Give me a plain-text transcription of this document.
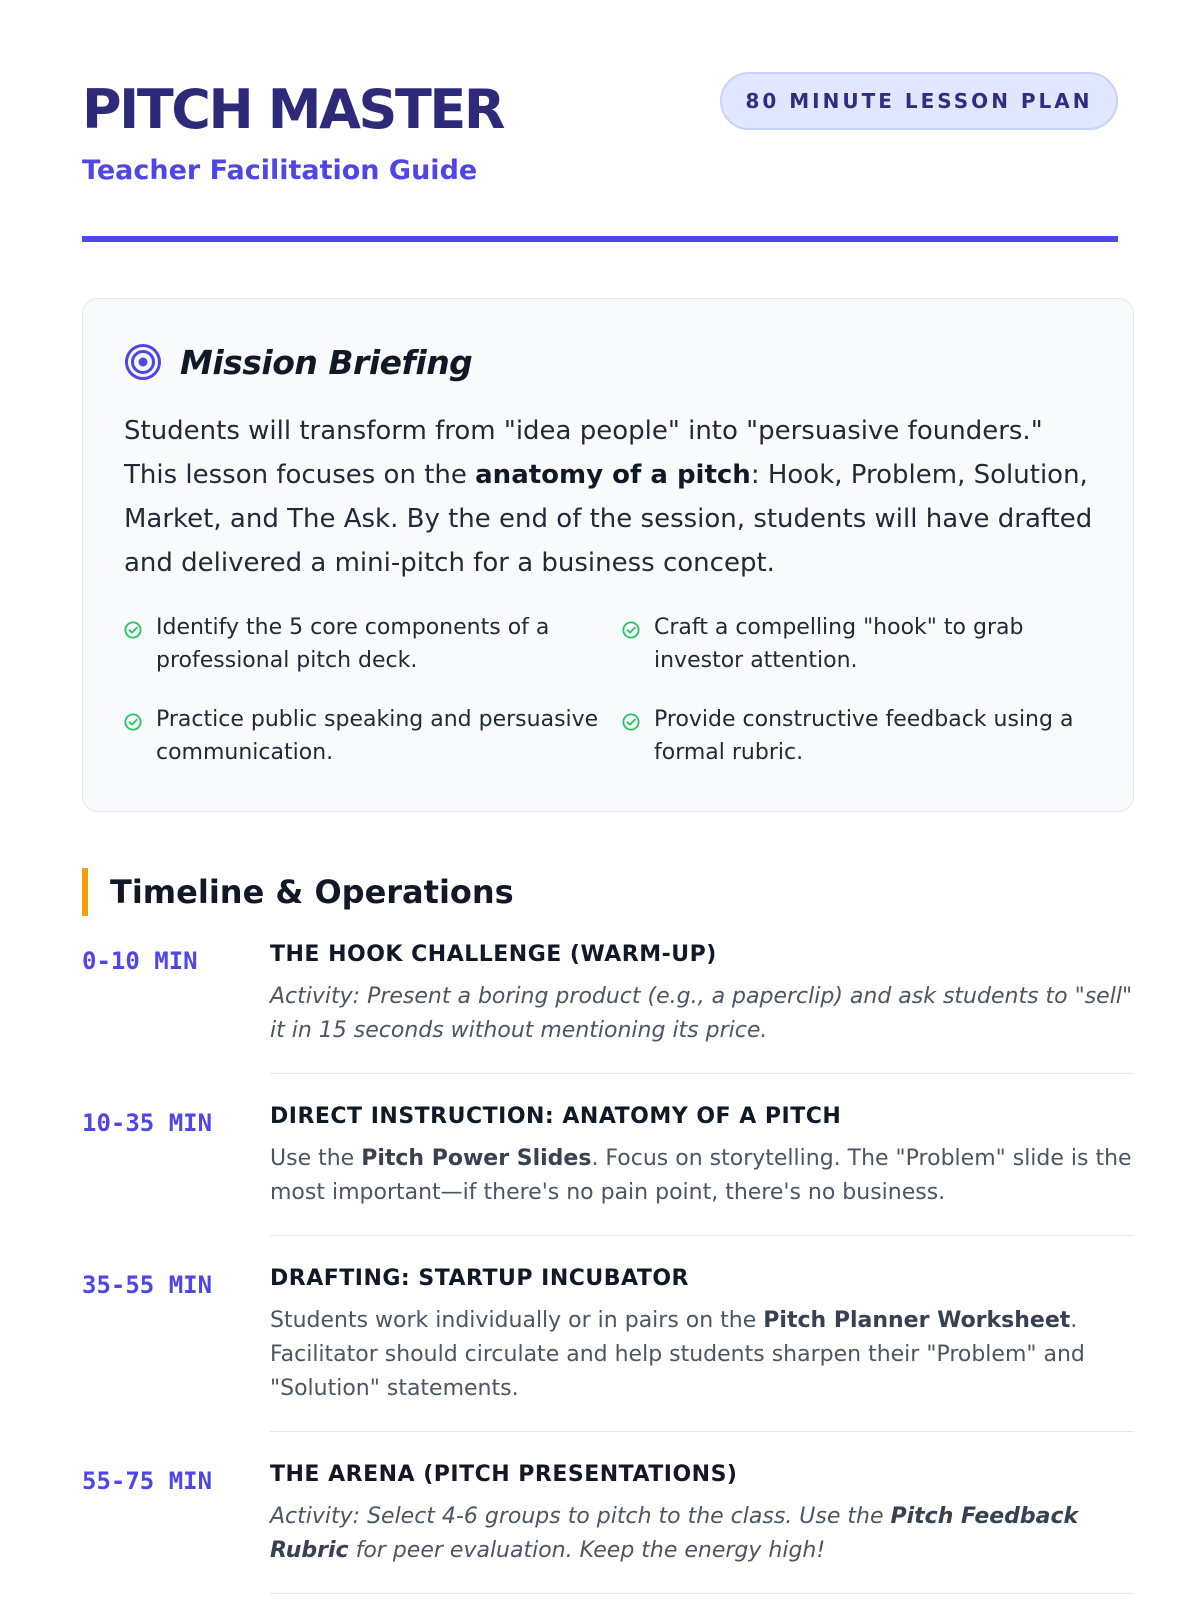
PITCH MASTER
Teacher Facilitation Guide
80 MINUTE LESSON PLAN
Mission Briefing

Students will transform from "idea people" into "persuasive founders." This lesson focuses on the anatomy of a pitch: Hook, Problem, Solution, Market, and The Ask. By the end of the session, students will have drafted and delivered a mini-pitch for a business concept.

Identify the 5 core components of a professional pitch deck.
Craft a compelling "hook" to grab investor attention.
Practice public speaking and persuasive communication.
Provide constructive feedback using a formal rubric.
Timeline & Operations
0-10 MIN	THE HOOK CHALLENGE (WARM-UP)
Activity: Present a boring product (e.g., a paperclip) and ask students to "sell" it in 15 seconds without mentioning its price.
10-35 MIN	DIRECT INSTRUCTION: ANATOMY OF A PITCH
Use the Pitch Power Slides. Focus on storytelling. The "Problem" slide is the most important—if there's no pain point, there's no business.
35-55 MIN	DRAFTING: STARTUP INCUBATOR
Students work individually or in pairs on the Pitch Planner Worksheet. Facilitator should circulate and help students sharpen their "Problem" and "Solution" statements.
55-75 MIN	THE ARENA (PITCH PRESENTATIONS)
Activity: Select 4-6 groups to pitch to the class. Use the Pitch Feedback Rubric for peer evaluation. Keep the energy high!
